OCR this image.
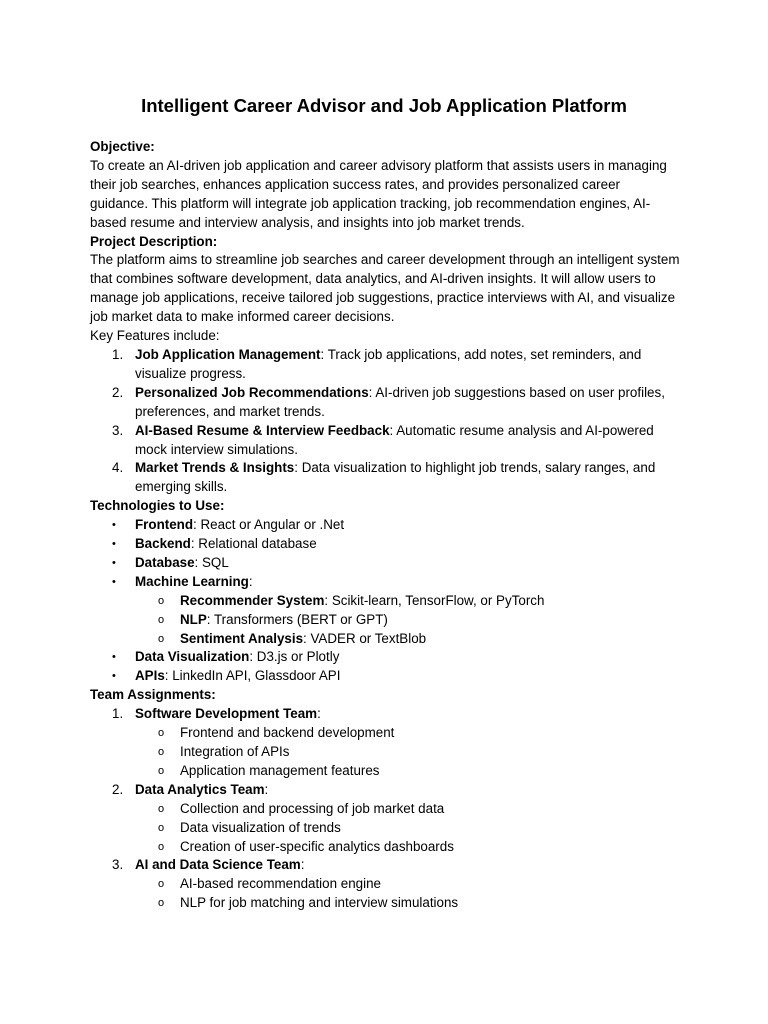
Intelligent Career Advisor and Job Application Platform
Objective:
To create an AI-driven job application and career advisory platform that assists users in managing their job searches, enhances application success rates, and provides personalized career guidance. This platform will integrate job application tracking, job recommendation engines, AI-based resume and interview analysis, and insights into job market trends.
Project Description:
The platform aims to streamline job searches and career development through an intelligent system that combines software development, data analytics, and AI-driven insights. It will allow users to manage job applications, receive tailored job suggestions, practice interviews with AI, and visualize job market data to make informed career decisions.
Key Features include:
1. Job Application Management: Track job applications, add notes, set reminders, and visualize progress.
2. Personalized Job Recommendations: AI-driven job suggestions based on user profiles, preferences, and market trends.
3. AI-Based Resume & Interview Feedback: Automatic resume analysis and AI-powered mock interview simulations.
4. Market Trends & Insights: Data visualization to highlight job trends, salary ranges, and emerging skills.
Technologies to Use:
• Frontend: React or Angular or .Net
• Backend: Relational database
• Database: SQL
• Machine Learning:
o Recommender System: Scikit-learn, TensorFlow, or PyTorch
o NLP: Transformers (BERT or GPT)
o Sentiment Analysis: VADER or TextBlob
• Data Visualization: D3.js or Plotly
• APIs: LinkedIn API, Glassdoor API
Team Assignments:
1. Software Development Team:
o Frontend and backend development
o Integration of APIs
o Application management features
2. Data Analytics Team:
o Collection and processing of job market data
o Data visualization of trends
o Creation of user-specific analytics dashboards
3. AI and Data Science Team:
o AI-based recommendation engine
o NLP for job matching and interview simulations
